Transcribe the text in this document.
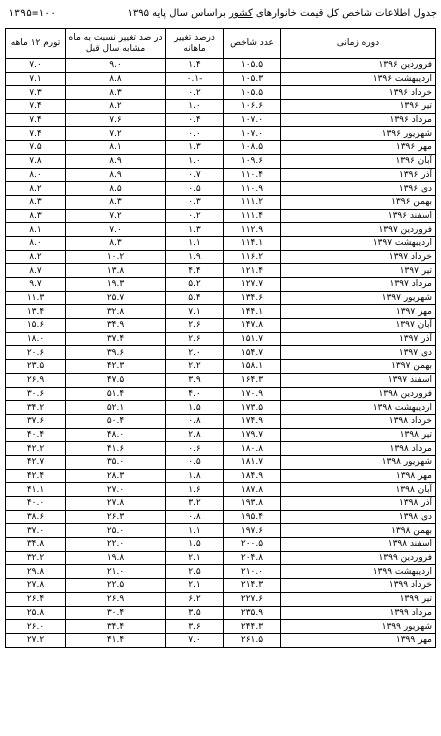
جدول اطلاعات شاخص کل قیمت خانوارهای کشور براساس سال پایه ۱۳۹۵
۱۳۹۵=۱۰۰
دوره زمانی	عدد شاخص	درصد تغییر ماهانه	در صد تغییر نسبت به ماه مشابه سال قبل	تورم ۱۲ ماهه
فروردین ۱۳۹۶	۱۰۵.۵	۱.۴	۹.۰	۷.۰
اردیبهشت ۱۳۹۶	۱۰۵.۳	-۰.۱	۸.۸	۷.۱
خرداد ۱۳۹۶	۱۰۵.۵	۰.۲	۸.۳	۷.۳
تیر ۱۳۹۶	۱۰۶.۶	۱.۰	۸.۲	۷.۴
مرداد ۱۳۹۶	۱۰۷.۰	۰.۴	۷.۶	۷.۴
شهریور ۱۳۹۶	۱۰۷.۰	۰.۰	۷.۲	۷.۴
مهر ۱۳۹۶	۱۰۸.۵	۱.۳	۸.۱	۷.۵
آبان ۱۳۹۶	۱۰۹.۶	۱.۰	۸.۹	۷.۸
آذر ۱۳۹۶	۱۱۰.۴	۰.۷	۸.۹	۸.۰
دی ۱۳۹۶	۱۱۰.۹	۰.۵	۸.۵	۸.۲
بهمن ۱۳۹۶	۱۱۱.۲	۰.۳	۸.۳	۸.۳
اسفند ۱۳۹۶	۱۱۱.۴	۰.۲	۷.۲	۸.۳
فروردین ۱۳۹۷	۱۱۲.۹	۱.۳	۷.۰	۸.۱
اردیبهشت ۱۳۹۷	۱۱۴.۱	۱.۱	۸.۳	۸.۰
خرداد ۱۳۹۷	۱۱۶.۲	۱.۹	۱۰.۲	۸.۲
تیر ۱۳۹۷	۱۲۱.۴	۴.۴	۱۳.۸	۸.۷
مرداد ۱۳۹۷	۱۲۷.۷	۵.۲	۱۹.۳	۹.۷
شهریور ۱۳۹۷	۱۳۴.۶	۵.۴	۲۵.۷	۱۱.۳
مهر ۱۳۹۷	۱۴۴.۱	۷.۱	۳۲.۸	۱۳.۴
آبان ۱۳۹۷	۱۴۷.۸	۲.۶	۳۴.۹	۱۵.۶
آذر ۱۳۹۷	۱۵۱.۷	۲.۶	۳۷.۴	۱۸.۰
دی ۱۳۹۷	۱۵۴.۷	۲.۰	۳۹.۶	۲۰.۶
بهمن ۱۳۹۷	۱۵۸.۱	۲.۲	۴۲.۳	۲۳.۵
اسفند ۱۳۹۷	۱۶۴.۳	۳.۹	۴۷.۵	۲۶.۹
فروردین ۱۳۹۸	۱۷۰.۹	۴.۰	۵۱.۴	۳۰.۶
اردیبهشت ۱۳۹۸	۱۷۳.۵	۱.۵	۵۲.۱	۳۴.۲
خرداد ۱۳۹۸	۱۷۴.۹	۰.۸	۵۰.۴	۳۷.۶
تیر ۱۳۹۸	۱۷۹.۷	۲.۸	۴۸.۰	۴۰.۴
مرداد ۱۳۹۸	۱۸۰.۸	۰.۶	۴۱.۶	۴۲.۲
شهریور ۱۳۹۸	۱۸۱.۷	۰.۵	۳۵.۰	۴۲.۷
مهر ۱۳۹۸	۱۸۴.۹	۱.۸	۲۸.۳	۴۲.۴
آبان ۱۳۹۸	۱۸۷.۸	۱.۶	۲۷.۰	۴۱.۱
آذر ۱۳۹۸	۱۹۳.۸	۳.۲	۲۷.۸	۴۰.۰
دی ۱۳۹۸	۱۹۵.۴	۰.۸	۲۶.۳	۳۸.۶
بهمن ۱۳۹۸	۱۹۷.۶	۱.۱	۲۵.۰	۳۷.۰
اسفند ۱۳۹۸	۲۰۰.۵	۱.۵	۲۲.۰	۳۴.۸
فروردین ۱۳۹۹	۲۰۴.۸	۲.۱	۱۹.۸	۳۲.۲
اردیبهشت ۱۳۹۹	۲۱۰.۰	۲.۵	۲۱.۰	۲۹.۸
خرداد ۱۳۹۹	۲۱۴.۳	۲.۱	۲۲.۵	۲۷.۸
تیر ۱۳۹۹	۲۲۷.۶	۶.۲	۲۶.۹	۲۶.۴
مرداد ۱۳۹۹	۲۳۵.۹	۳.۵	۳۰.۴	۲۵.۸
شهریور ۱۳۹۹	۲۴۴.۳	۳.۶	۳۴.۴	۲۶.۰
مهر ۱۳۹۹	۲۶۱.۵	۷.۰	۴۱.۴	۲۷.۲
